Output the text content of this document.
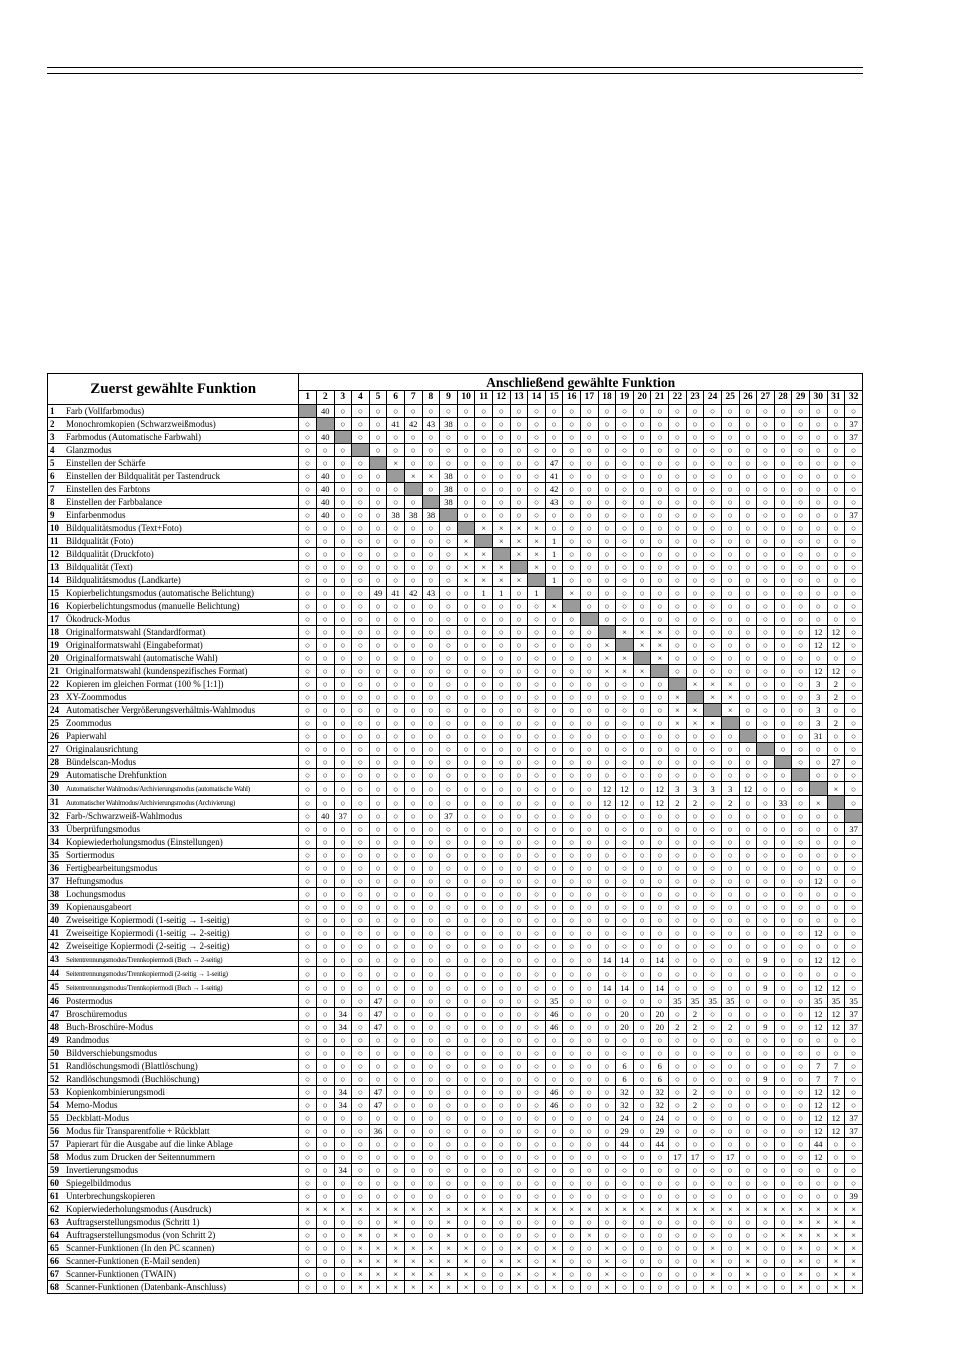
Zuerst gewählte Funktion	Anschließend gewählte Funktion																															
	1	2	3	4	5	6	7	8	9	10	11	12	13	14	15	16	17	18	19	20	21	22	23	24	25	26	27	28	29	30	31	32
1 Farb (Vollfarbmodus)		40	○	○	○	○	○	○	○	○	○	○	○	○	○	○	○	○	○	○	○	○	○	○	○	○	○	○	○	○	○	○
2 Monochromkopien (Schwarzweißmodus)	○		○	○	○	41	42	43	38	○	○	○	○	○	○	○	○	○	○	○	○	○	○	○	○	○	○	○	○	○	○	37
3 Farbmodus (Automatische Farbwahl)	○	40		○	○	○	○	○	○	○	○	○	○	○	○	○	○	○	○	○	○	○	○	○	○	○	○	○	○	○	○	37
4 Glanzmodus	○	○	○		○	○	○	○	○	○	○	○	○	○	○	○	○	○	○	○	○	○	○	○	○	○	○	○	○	○	○	○
5 Einstellen der Schärfe	○	○	○	○		×	○	○	○	○	○	○	○	○	47	○	○	○	○	○	○	○	○	○	○	○	○	○	○	○	○	○
6 Einstellen der Bildqualität per Tastendruck	○	40	○	○	○		×	×	38	○	○	○	○	○	41	○	○	○	○	○	○	○	○	○	○	○	○	○	○	○	○	○
7 Einstellen des Farbtons	○	40	○	○	○	○		○	38	○	○	○	○	○	42	○	○	○	○	○	○	○	○	○	○	○	○	○	○	○	○	○
8 Einstellen der Farbbalance	○	40	○	○	○	○	○		38	○	○	○	○	○	43	○	○	○	○	○	○	○	○	○	○	○	○	○	○	○	○	○
9 Einfarbenmodus	○	40	○	○	○	38	38	38		○	○	○	○	○	○	○	○	○	○	○	○	○	○	○	○	○	○	○	○	○	○	37
10 Bildqualitätsmodus (Text+Foto)	○	○	○	○	○	○	○	○	○		×	×	×	×	○	○	○	○	○	○	○	○	○	○	○	○	○	○	○	○	○	○
11 Bildqualität (Foto)	○	○	○	○	○	○	○	○	○	×		×	×	×	1	○	○	○	○	○	○	○	○	○	○	○	○	○	○	○	○	○
12 Bildqualität (Druckfoto)	○	○	○	○	○	○	○	○	○	×	×		×	×	1	○	○	○	○	○	○	○	○	○	○	○	○	○	○	○	○	○
13 Bildqualität (Text)	○	○	○	○	○	○	○	○	○	×	×	×		×	○	○	○	○	○	○	○	○	○	○	○	○	○	○	○	○	○	○
14 Bildqualitätsmodus (Landkarte)	○	○	○	○	○	○	○	○	○	×	×	×	×		1	○	○	○	○	○	○	○	○	○	○	○	○	○	○	○	○	○
15 Kopierbelichtungsmodus (automatische Belichtung)	○	○	○	○	49	41	42	43	○	○	1	1	○	1		×	○	○	○	○	○	○	○	○	○	○	○	○	○	○	○	○
16 Kopierbelichtungsmodus (manuelle Belichtung)	○	○	○	○	○	○	○	○	○	○	○	○	○	○	×		○	○	○	○	○	○	○	○	○	○	○	○	○	○	○	○
17 Ökodruck-Modus	○	○	○	○	○	○	○	○	○	○	○	○	○	○	○	○		○	○	○	○	○	○	○	○	○	○	○	○	○	○	○
18 Originalformatswahl (Standardformat)	○	○	○	○	○	○	○	○	○	○	○	○	○	○	○	○	○		×	×	×	○	○	○	○	○	○	○	○	12	12	○
19 Originalformatswahl (Eingabeformat)	○	○	○	○	○	○	○	○	○	○	○	○	○	○	○	○	○	×		×	×	○	○	○	○	○	○	○	○	12	12	○
20 Originalformatswahl (automatische Wahl)	○	○	○	○	○	○	○	○	○	○	○	○	○	○	○	○	○	×	×		×	○	○	○	○	○	○	○	○	○	○	○
21 Originalformatswahl (kundenspezifisches Format)	○	○	○	○	○	○	○	○	○	○	○	○	○	○	○	○	○	×	×	×		○	○	○	○	○	○	○	○	12	12	○
22 Kopieren im gleichen Format (100 % [1:1])	○	○	○	○	○	○	○	○	○	○	○	○	○	○	○	○	○	○	○	○	○		×	×	×	○	○	○	○	3	2	○
23 XY-Zoommodus	○	○	○	○	○	○	○	○	○	○	○	○	○	○	○	○	○	○	○	○	○	×		×	×	○	○	○	○	3	2	○
24 Automatischer Vergrößerungsverhältnis-Wahlmodus	○	○	○	○	○	○	○	○	○	○	○	○	○	○	○	○	○	○	○	○	○	×	×		×	○	○	○	○	3	○	○
25 Zoommodus	○	○	○	○	○	○	○	○	○	○	○	○	○	○	○	○	○	○	○	○	○	×	×	×		○	○	○	○	3	2	○
26 Papierwahl	○	○	○	○	○	○	○	○	○	○	○	○	○	○	○	○	○	○	○	○	○	○	○	○	○		○	○	○	31	○	○
27 Originalausrichtung	○	○	○	○	○	○	○	○	○	○	○	○	○	○	○	○	○	○	○	○	○	○	○	○	○	○		○	○	○	○	○
28 Bündelscan-Modus	○	○	○	○	○	○	○	○	○	○	○	○	○	○	○	○	○	○	○	○	○	○	○	○	○	○	○		○	○	27	○
29 Automatische Drehfunktion	○	○	○	○	○	○	○	○	○	○	○	○	○	○	○	○	○	○	○	○	○	○	○	○	○	○	○	○		○	○	○
30 Automatischer Wahlmodus/Archivierungsmodus (automatische Wahl)	○	○	○	○	○	○	○	○	○	○	○	○	○	○	○	○	○	12	12	○	12	3	3	3	3	12	○	○	○		×	○
31 Automatischer Wahlmodus/Archivierungsmodus (Archivierung)	○	○	○	○	○	○	○	○	○	○	○	○	○	○	○	○	○	12	12	○	12	2	2	○	2	○	○	33	○	×		○
32 Farb-/Schwarzweiß-Wahlmodus	○	40	37	○	○	○	○	○	37	○	○	○	○	○	○	○	○	○	○	○	○	○	○	○	○	○	○	○	○	○	○	
33 Überprüfungsmodus	○	○	○	○	○	○	○	○	○	○	○	○	○	○	○	○	○	○	○	○	○	○	○	○	○	○	○	○	○	○	○	37
34 Kopiewiederholungsmodus (Einstellungen)	○	○	○	○	○	○	○	○	○	○	○	○	○	○	○	○	○	○	○	○	○	○	○	○	○	○	○	○	○	○	○	○
35 Sortiermodus	○	○	○	○	○	○	○	○	○	○	○	○	○	○	○	○	○	○	○	○	○	○	○	○	○	○	○	○	○	○	○	○
36 Fertigbearbeitungsmodus	○	○	○	○	○	○	○	○	○	○	○	○	○	○	○	○	○	○	○	○	○	○	○	○	○	○	○	○	○	○	○	○
37 Heftungsmodus	○	○	○	○	○	○	○	○	○	○	○	○	○	○	○	○	○	○	○	○	○	○	○	○	○	○	○	○	○	12	○	○
38 Lochungsmodus	○	○	○	○	○	○	○	○	○	○	○	○	○	○	○	○	○	○	○	○	○	○	○	○	○	○	○	○	○	○	○	○
39 Kopienausgabeort	○	○	○	○	○	○	○	○	○	○	○	○	○	○	○	○	○	○	○	○	○	○	○	○	○	○	○	○	○	○	○	○
40 Zweiseitige Kopiermodi (1-seitig → 1-seitig)	○	○	○	○	○	○	○	○	○	○	○	○	○	○	○	○	○	○	○	○	○	○	○	○	○	○	○	○	○	○	○	○
41 Zweiseitige Kopiermodi (1-seitig → 2-seitig)	○	○	○	○	○	○	○	○	○	○	○	○	○	○	○	○	○	○	○	○	○	○	○	○	○	○	○	○	○	12	○	○
42 Zweiseitige Kopiermodi (2-seitig → 2-seitig)	○	○	○	○	○	○	○	○	○	○	○	○	○	○	○	○	○	○	○	○	○	○	○	○	○	○	○	○	○	○	○	○
43 Seitentrennungsmodus/Trennkopiermodi (Buch → 2-seitig)	○	○	○	○	○	○	○	○	○	○	○	○	○	○	○	○	○	14	14	○	14	○	○	○	○	○	9	○	○	12	12	○
44 Seitentrennungsmodus/Trennkopiermodi (2-seitig → 1-seitig)	○	○	○	○	○	○	○	○	○	○	○	○	○	○	○	○	○	○	○	○	○	○	○	○	○	○	○	○	○	○	○	○
45 Seitentrennungsmodus/Trennkopiermodi (Buch → 1-seitig)	○	○	○	○	○	○	○	○	○	○	○	○	○	○	○	○	○	14	14	○	14	○	○	○	○	○	9	○	○	12	12	○
46 Postermodus	○	○	○	○	47	○	○	○	○	○	○	○	○	○	35	○	○	○	○	○	○	35	35	35	35	○	○	○	○	35	35	35
47 Broschüremodus	○	○	34	○	47	○	○	○	○	○	○	○	○	○	46	○	○	○	20	○	20	○	2	○	○	○	○	○	○	12	12	37
48 Buch-Broschüre-Modus	○	○	34	○	47	○	○	○	○	○	○	○	○	○	46	○	○	○	20	○	20	2	2	○	2	○	9	○	○	12	12	37
49 Randmodus	○	○	○	○	○	○	○	○	○	○	○	○	○	○	○	○	○	○	○	○	○	○	○	○	○	○	○	○	○	○	○	○
50 Bildverschiebungsmodus	○	○	○	○	○	○	○	○	○	○	○	○	○	○	○	○	○	○	○	○	○	○	○	○	○	○	○	○	○	○	○	○
51 Randlöschungsmodi (Blattlöschung)	○	○	○	○	○	○	○	○	○	○	○	○	○	○	○	○	○	○	6	○	6	○	○	○	○	○	○	○	○	7	7	○
52 Randlöschungsmodi (Buchlöschung)	○	○	○	○	○	○	○	○	○	○	○	○	○	○	○	○	○	○	6	○	6	○	○	○	○	○	9	○	○	7	7	○
53 Kopienkombinierungsmodi	○	○	34	○	47	○	○	○	○	○	○	○	○	○	46	○	○	○	32	○	32	○	2	○	○	○	○	○	○	12	12	○
54 Memo-Modus	○	○	34	○	47	○	○	○	○	○	○	○	○	○	46	○	○	○	32	○	32	○	2	○	○	○	○	○	○	12	12	○
55 Deckblatt-Modus	○	○	○	○	○	○	○	○	○	○	○	○	○	○	○	○	○	○	24	○	24	○	○	○	○	○	○	○	○	12	12	37
56 Modus für Transparentfolie + Rückblatt	○	○	○	○	36	○	○	○	○	○	○	○	○	○	○	○	○	○	29	○	29	○	○	○	○	○	○	○	○	12	12	37
57 Papierart für die Ausgabe auf die linke Ablage	○	○	○	○	○	○	○	○	○	○	○	○	○	○	○	○	○	○	44	○	44	○	○	○	○	○	○	○	○	44	○	○
58 Modus zum Drucken der Seitennummern	○	○	○	○	○	○	○	○	○	○	○	○	○	○	○	○	○	○	○	○	○	17	17	○	17	○	○	○	○	12	○	○
59 Invertierungsmodus	○	○	34	○	○	○	○	○	○	○	○	○	○	○	○	○	○	○	○	○	○	○	○	○	○	○	○	○	○	○	○	○
60 Spiegelbildmodus	○	○	○	○	○	○	○	○	○	○	○	○	○	○	○	○	○	○	○	○	○	○	○	○	○	○	○	○	○	○	○	○
61 Unterbrechungskopieren	○	○	○	○	○	○	○	○	○	○	○	○	○	○	○	○	○	○	○	○	○	○	○	○	○	○	○	○	○	○	○	39
62 Kopierwiederholungsmodus (Ausdruck)	×	×	×	×	×	×	×	×	×	×	×	×	×	×	×	×	×	×	×	×	×	×	×	×	×	×	×	×	×	×	×	×
63 Auftragserstellungsmodus (Schritt 1)	○	○	○	○	○	×	○	○	×	○	○	○	○	○	○	○	○	○	○	○	○	○	○	○	○	○	○	○	×	×	×	×
64 Auftragserstellungsmodus (von Schritt 2)	○	○	○	×	○	×	○	○	×	○	○	○	○	○	○	○	×	○	○	○	○	○	○	○	○	○	○	×	×	×	×	×
65 Scanner-Funktionen (In den PC scannen)	○	○	○	×	×	×	×	×	×	×	○	○	×	○	×	○	○	×	○	○	○	○	○	×	○	×	○	○	×	○	×	×
66 Scanner-Funktionen (E-Mail senden)	○	○	○	×	×	×	×	×	×	×	○	×	×	○	×	○	○	×	○	○	○	○	○	×	○	×	○	○	×	○	×	×
67 Scanner-Funktionen (TWAIN)	○	○	○	×	×	×	×	×	×	×	○	○	×	○	×	○	○	×	○	○	○	○	○	×	○	×	○	○	×	○	×	×
68 Scanner-Funktionen (Datenbank-Anschluss)	○	○	○	×	×	×	×	×	×	×	○	○	×	○	×	○	○	×	○	○	○	○	○	×	○	×	○	○	×	○	×	×
